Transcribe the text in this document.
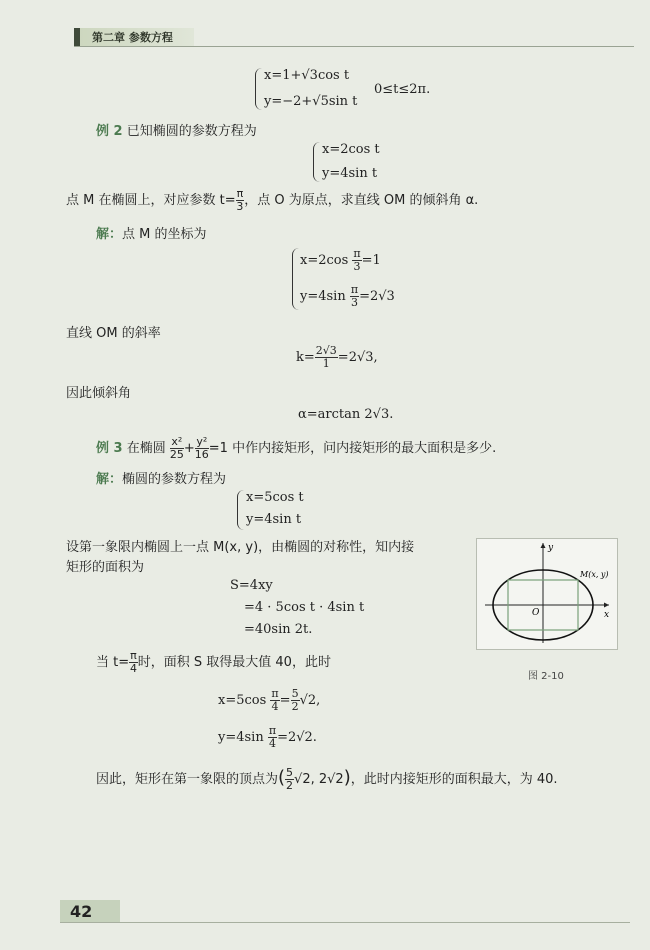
第二章 参数方程
x=1+√3cos t
y=−2+√5sin t
0≤t≤2π.
例 2 已知椭圆的参数方程为
x=2cos t
y=4sin t
点 M 在椭圆上，对应参数 $t= \frac{\pi}{3}$ ，点 O 为原点，求直线 OM 的倾斜角 α.
解：点 M 的坐标为
$x=2\cos \frac{\pi}{3} =1$
$y=4\sin \frac{\pi}{3} =2√3$
直线 OM 的斜率
$k= \frac{2√3}{1} =2√3$,
因此倾斜角
α=arctan 2√3.
例 3 在椭圆 $\frac{\text{x²}}{25} + \frac{\text{y²}}{16} =1$ 中作内接矩形，问内接矩形的最大面积是多少.
解：椭圆的参数方程为
x=5cos t
y=4sin t
设第一象限内椭圆上一点 M(x, y)，由椭圆的对称性，知内接
矩形的面积为
S=4xy
=4 · 5cos t · 4sin t
=40sin 2t.
当 $t= \frac{\pi}{4}$ 时，面积 S 取得最大值 40，此时
$x=5\cos \frac{\pi}{4} = \frac{5}{2} √2$,
$y=4\sin \frac{\pi}{4} =2√2$.
因此，矩形在第一象限的顶点为( $\frac{5}{2} √2$, 2√2)，此时内接矩形的面积最大，为 40.
y
x
O
M(x, y)
图 2-10
42
